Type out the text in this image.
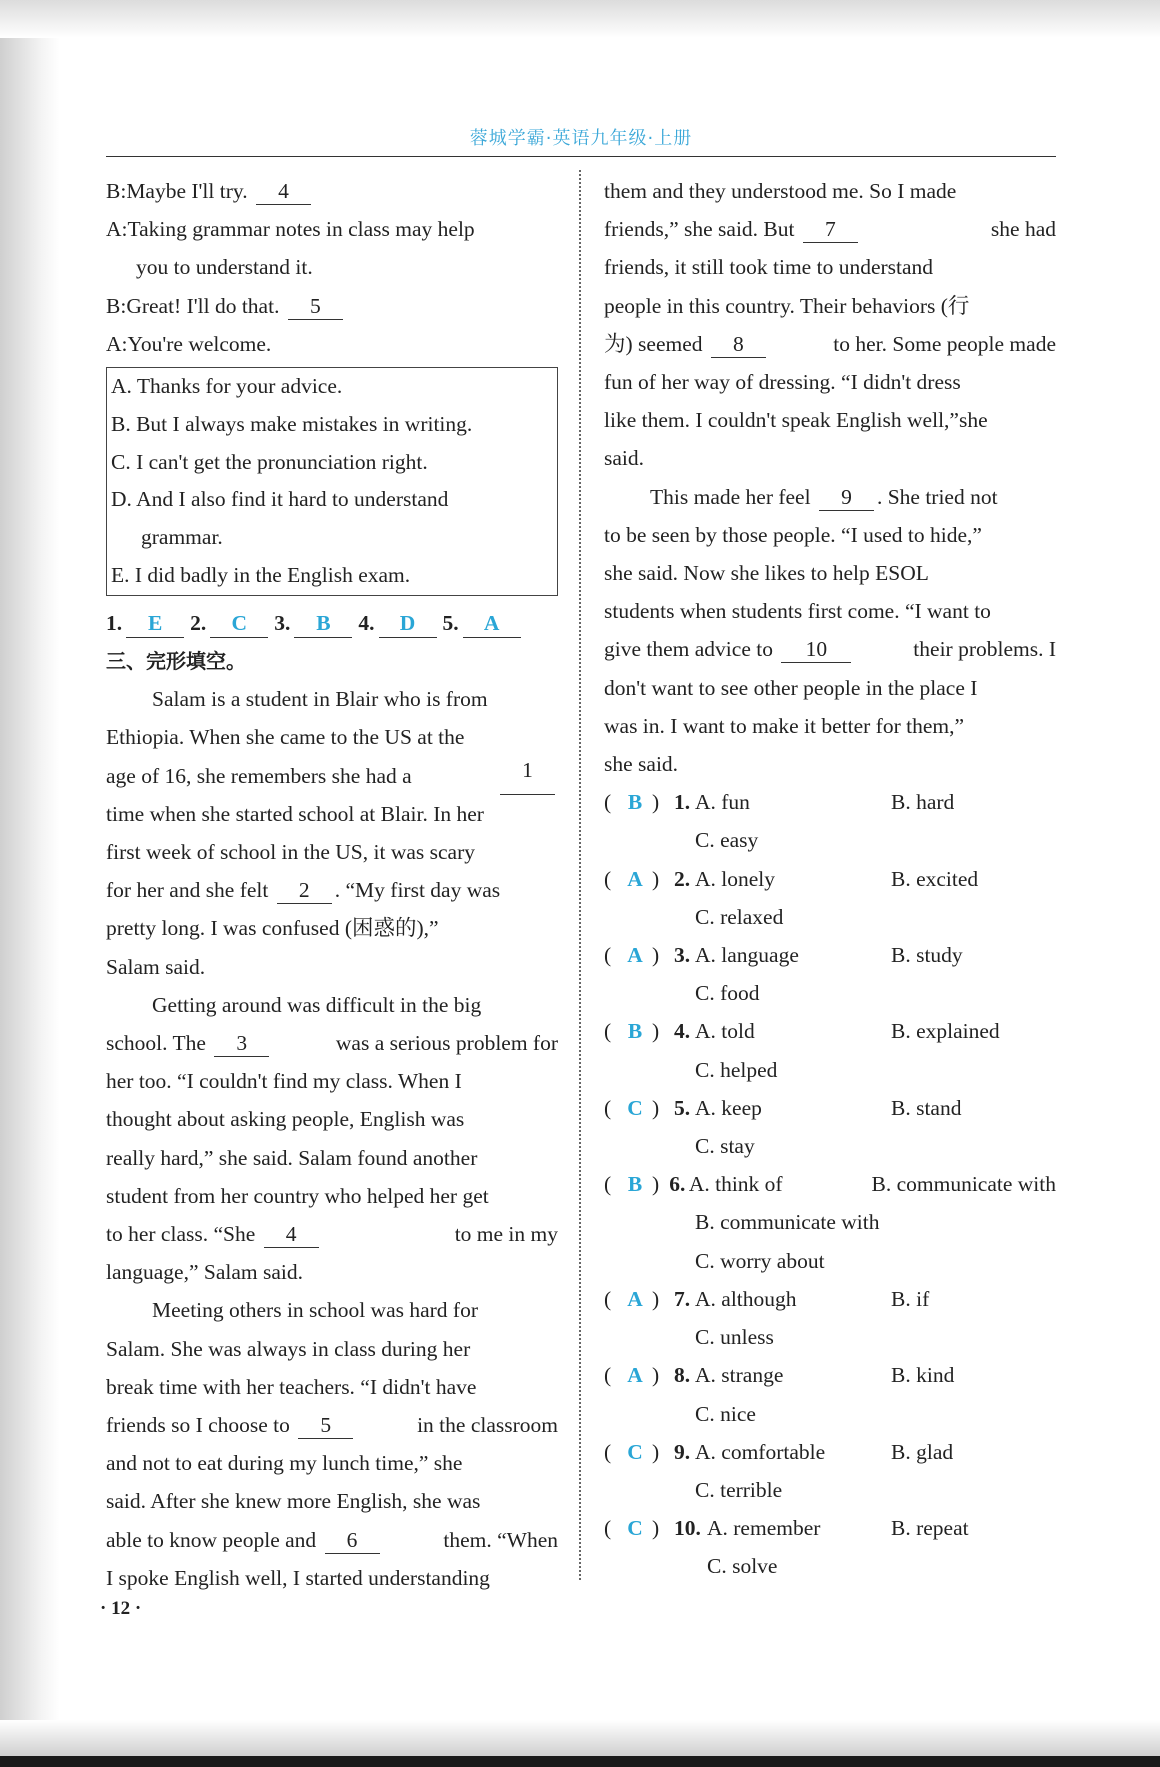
蓉城学霸·英语九年级·上册
B:Maybe I'll try. 4
A:Taking grammar notes in class may help
you to understand it.
B:Great! I'll do that. 5
A:You're welcome.
A. Thanks for your advice.
B. But I always make mistakes in writing.
C. I can't get the pronunciation right.
D. And I also find it hard to understand
grammar.
E. I did badly in the English exam.
1.	E	2.	C	3.	B	4.	D	5.	A
三、完形填空。
Salam is a student in Blair who is from
Ethiopia. When she came to the US at the
age of 16, she remembers she had a	1
time when she started school at Blair. In her
first week of school in the US, it was scary
for her and she felt 2 . “My first day was
pretty long. I was confused (困惑的),”
Salam said.
Getting around was difficult in the big
school. The 3	was a serious problem for
her too. “I couldn't find my class. When I
thought about asking people, English was
really hard,” she said. Salam found another
student from her country who helped her get
to her class. “She 4	to me in my
language,” Salam said.
Meeting others in school was hard for
Salam. She was always in class during her
break time with her teachers. “I didn't have
friends so I choose to 5	in the classroom
and not to eat during my lunch time,” she
said. After she knew more English, she was
able to know people and 6	them. “When
I spoke English well, I started understanding
them and they understood me. So I made
friends,” she said. But 7	she had
friends, it still took time to understand
people in this country. Their behaviors (行
为) seemed 8	to her. Some people made
fun of her way of dressing. “I didn't dress
like them. I couldn't speak English well,”she
said.
This made her feel 9 . She tried not
to be seen by those people. “I used to hide,”
she said. Now she likes to help ESOL
students when students first come. “I want to
give them advice to 10	their problems. I
don't want to see other people in the place I
was in. I want to make it better for them,”
she said.
( B ) 1. A. fun	B. hard
C. easy
( A ) 2. A. lonely	B. excited
C. relaxed
( A ) 3. A. language	B. study
C. food
( B ) 4. A. told	B. explained
C. helped
( C ) 5. A. keep	B. stand
C. stay
( B ) 6. A. think of	B. communicate with
B. communicate with
C. worry about
( A ) 7. A. although	B. if
C. unless
( A ) 8. A. strange	B. kind
C. nice
( C ) 9. A. comfortable	B. glad
C. terrible
( C ) 10. A. remember	B. repeat
C. solve
· 12 ·
